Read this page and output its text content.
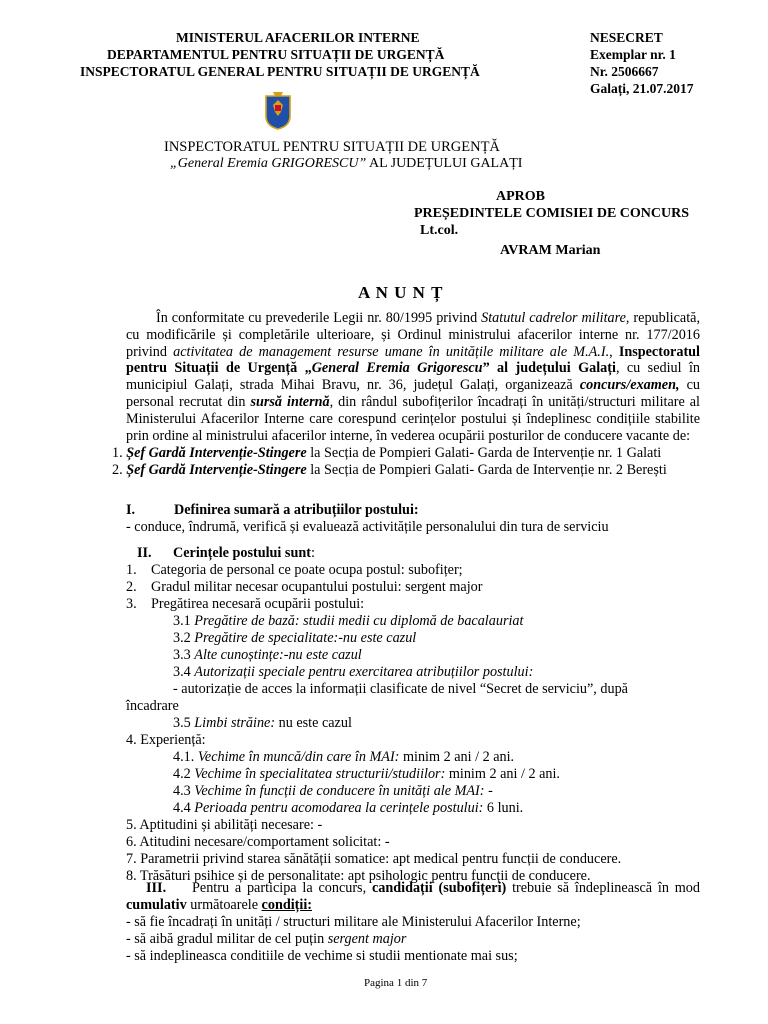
MINISTERUL AFACERILOR INTERNE
DEPARTAMENTUL PENTRU SITUAȚII DE URGENȚĂ
INSPECTORATUL GENERAL PENTRU SITUAȚII DE URGENȚĂ
NESECRET
Exemplar nr. 1
Nr. 2506667
Galați, 21.07.2017
INSPECTORATUL PENTRU SITUAȚII DE URGENȚĂ
„General Eremia GRIGORESCU” AL JUDEȚULUI GALAȚI
APROB
PREȘEDINTELE COMISIEI DE CONCURS
Lt.col.
AVRAM Marian
A N U N Ț
În conformitate cu prevederile Legii nr. 80/1995 privind Statutul cadrelor militare, republicată, cu modificările și completările ulterioare, și Ordinul ministrului afacerilor interne nr. 177/2016 privind activitatea de management resurse umane în unitățile militare ale M.A.I., Inspectoratul pentru Situații de Urgență „General Eremia Grigorescu” al județului Galați, cu sediul în municipiul Galați, strada Mihai Bravu, nr. 36, județul Galați, organizează concurs/examen, cu personal recrutat din sursă internă, din rândul subofițerilor încadrați în unități/structuri militare al Ministerului Afacerilor Interne care corespund cerințelor postului și îndeplinesc condițiile stabilite prin ordine al ministrului afacerilor interne, în vederea ocupării posturilor de conducere vacante de:
1. Șef Gardă Intervenție-Stingere la Secția de Pompieri Galati- Garda de Intervenție nr. 1 Galati
2. Șef Gardă Intervenție-Stingere la Secția de Pompieri Galati- Garda de Intervenție nr. 2 Berești
I.	Definirea sumară a atribuțiilor postului:
- conduce, îndrumă, verifică și evaluează activitățile personalului din tura de serviciu
II. Cerințele postului sunt:
1. Categoria de personal ce poate ocupa postul: subofițer;
2. Gradul militar necesar ocupantului postului: sergent major
3. Pregătirea necesară ocupării postului:
3.1 Pregătire de bază: studii medii cu diplomă de bacalauriat
3.2 Pregătire de specialitate:-nu este cazul
3.3 Alte cunoștințe:-nu este cazul
3.4 Autorizații speciale pentru exercitarea atribuțiilor postului:
- autorizație de acces la informații clasificate de nivel “Secret de serviciu”, după
încadrare
3.5 Limbi străine: nu este cazul
4. Experiență:
4.1. Vechime în muncă/din care în MAI: minim 2 ani / 2 ani.
4.2 Vechime în specialitatea structurii/studiilor: minim 2 ani / 2 ani.
4.3 Vechime în funcții de conducere în unități ale MAI: -
4.4 Perioada pentru acomodarea la cerințele postului: 6 luni.
5. Aptitudini și abilități necesare: -
6. Atitudini necesare/comportament solicitat: -
7. Parametrii privind starea sănătății somatice: apt medical pentru funcții de conducere.
8. Trăsături psihice și de personalitate: apt psihologic pentru funcții de conducere.
III. Pentru a participa la concurs, candidații (subofițeri) trebuie să îndeplinească în mod cumulativ următoarele condiții:
- să fie încadrați în unități / structuri militare ale Ministerului Afacerilor Interne;
- să aibă gradul militar de cel puțin sergent major
- să indeplineasca conditiile de vechime si studii mentionate mai sus;
Pagina 1 din 7
